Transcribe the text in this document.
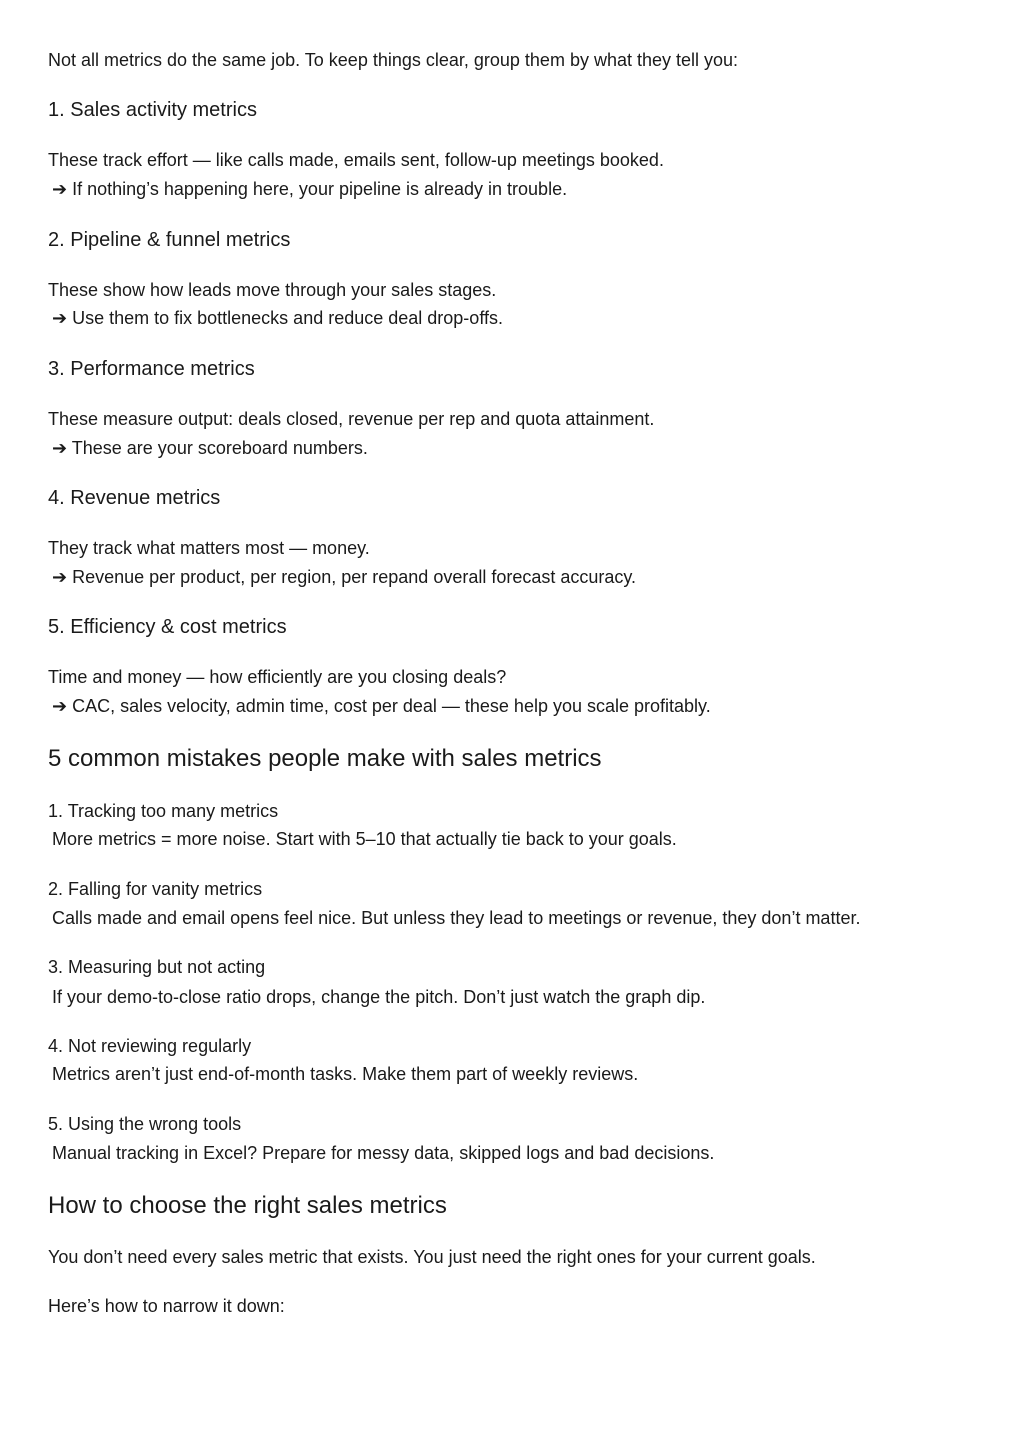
Not all metrics do the same job. To keep things clear, group them by what they tell you:

1. Sales activity metrics

These track effort — like calls made, emails sent, follow-up meetings booked.

➔ If nothing’s happening here, your pipeline is already in trouble.

2. Pipeline & funnel metrics

These show how leads move through your sales stages.

➔ Use them to fix bottlenecks and reduce deal drop-offs.

3. Performance metrics

These measure output: deals closed, revenue per rep and quota attainment.

➔ These are your scoreboard numbers.

4. Revenue metrics

They track what matters most — money.

➔ Revenue per product, per region, per repand overall forecast accuracy.

5. Efficiency & cost metrics

Time and money — how efficiently are you closing deals?

➔ CAC, sales velocity, admin time, cost per deal — these help you scale profitably.

5 common mistakes people make with sales metrics

1. Tracking too many metrics

More metrics = more noise. Start with 5–10 that actually tie back to your goals.

2. Falling for vanity metrics

Calls made and email opens feel nice. But unless they lead to meetings or revenue, they don’t matter.

3. Measuring but not acting

If your demo-to-close ratio drops, change the pitch. Don’t just watch the graph dip.

4. Not reviewing regularly

Metrics aren’t just end-of-month tasks. Make them part of weekly reviews.

5. Using the wrong tools

Manual tracking in Excel? Prepare for messy data, skipped logs and bad decisions.

How to choose the right sales metrics

You don’t need every sales metric that exists. You just need the right ones for your current goals.

Here’s how to narrow it down:
